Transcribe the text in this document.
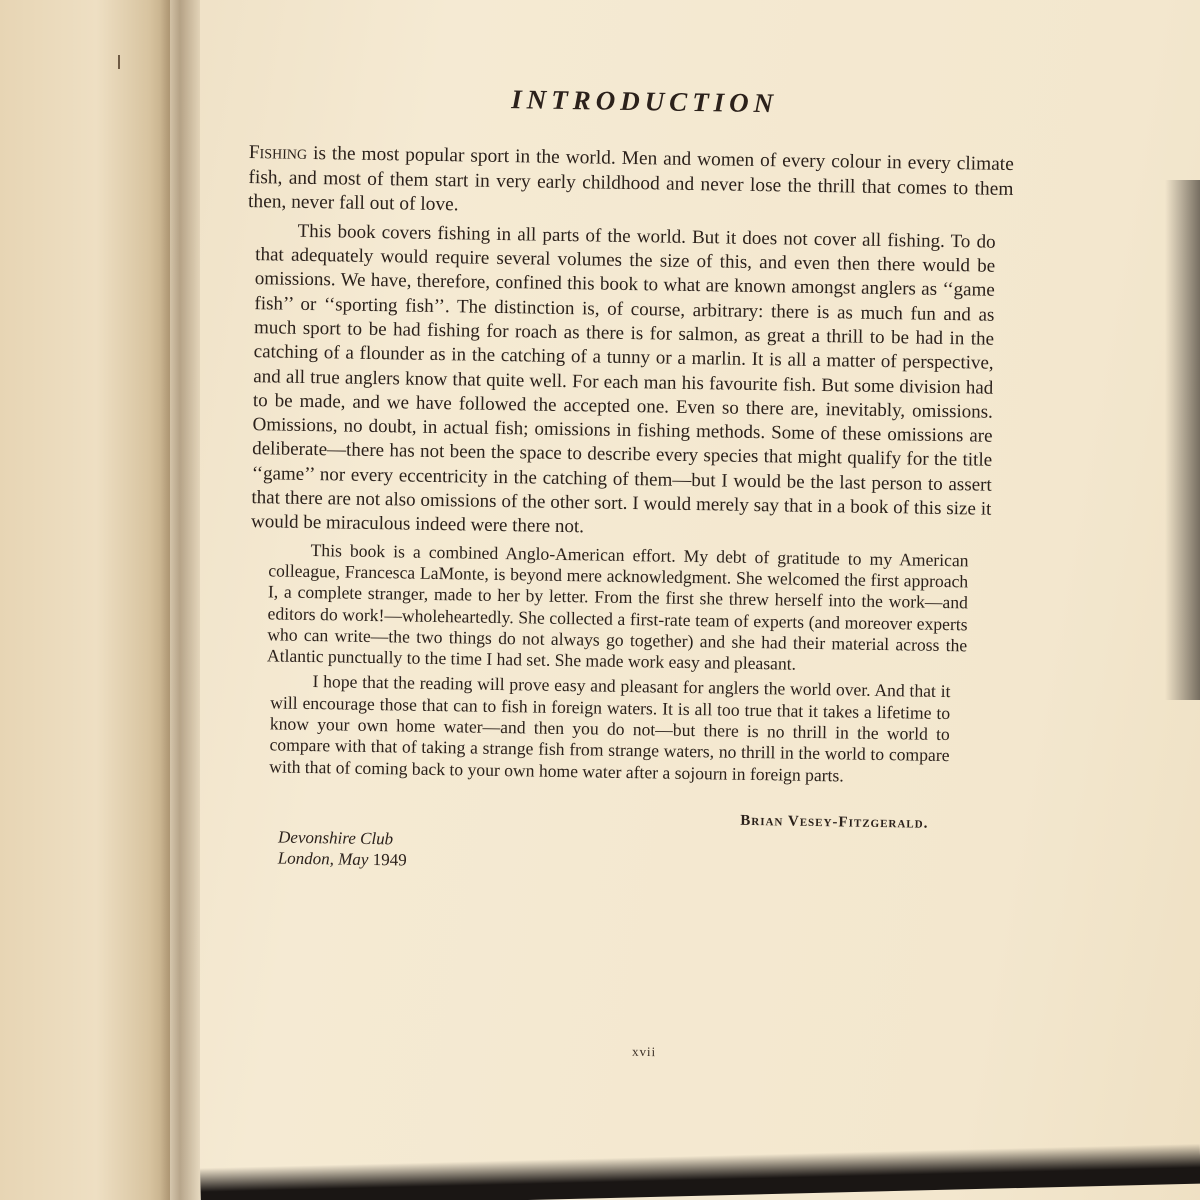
INTRODUCTION

Fishing is the most popular sport in the world. Men and women of every colour in every climate fish, and most of them start in very early childhood and never lose the thrill that comes to them then, never fall out of love.

This book covers fishing in all parts of the world. But it does not cover all fishing. To do that adequately would require several volumes the size of this, and even then there would be omissions. We have, therefore, confined this book to what are known amongst anglers as ‘‘game fish’’ or ‘‘sporting fish’’. The distinction is, of course, arbitrary: there is as much fun and as much sport to be had fishing for roach as there is for salmon, as great a thrill to be had in the catching of a flounder as in the catching of a tunny or a marlin. It is all a matter of perspective, and all true anglers know that quite well. For each man his favourite fish. But some division had to be made, and we have followed the accepted one. Even so there are, inevitably, omissions. Omissions, no doubt, in actual fish; omissions in fishing methods. Some of these omissions are deliberate—there has not been the space to describe every species that might qualify for the title ‘‘game’’ nor every eccentricity in the catching of them—but I would be the last person to assert that there are not also omissions of the other sort. I would merely say that in a book of this size it would be miraculous indeed were there not.

This book is a combined Anglo-American effort. My debt of gratitude to my American colleague, Francesca LaMonte, is beyond mere acknowledgment. She welcomed the first approach I, a complete stranger, made to her by letter. From the first she threw herself into the work—and editors do work!—wholeheartedly. She collected a first-rate team of experts (and moreover experts who can write—the two things do not always go together) and she had their material across the Atlantic punctually to the time I had set. She made work easy and pleasant.

I hope that the reading will prove easy and pleasant for anglers the world over. And that it will encourage those that can to fish in foreign waters. It is all too true that it takes a lifetime to know your own home water—and then you do not—but there is no thrill in the world to compare with that of taking a strange fish from strange waters, no thrill in the world to compare with that of coming back to your own home water after a sojourn in foreign parts.

Brian Vesey-Fitzgerald.
Devonshire Club
London, May 1949
xvii
